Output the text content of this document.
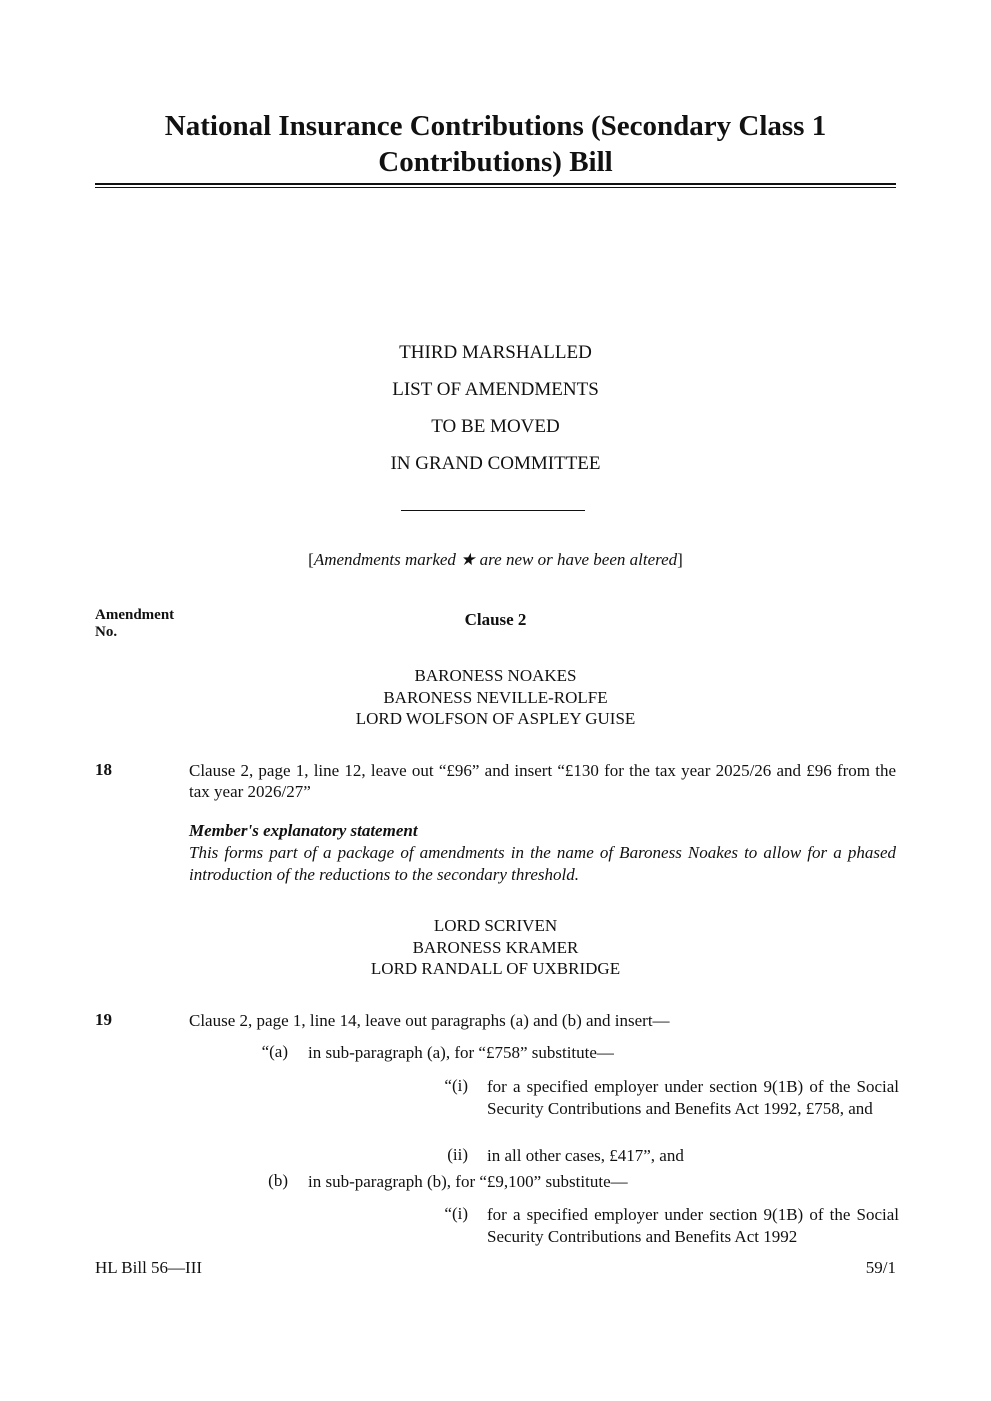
National Insurance Contributions (Secondary Class 1
Contributions) Bill
THIRD MARSHALLED
LIST OF AMENDMENTS
TO BE MOVED
IN GRAND COMMITTEE
[Amendments marked ★ are new or have been altered]
Amendment
No.
Clause 2
BARONESS NOAKES
BARONESS NEVILLE-ROLFE
LORD WOLFSON OF ASPLEY GUISE
18	Clause 2, page 1, line 12, leave out “£96” and insert “£130 for the tax year 2025/26 and £96 from the tax year 2026/27”
Member's explanatory statement
This forms part of a package of amendments in the name of Baroness Noakes to allow for a phased introduction of the reductions to the secondary threshold.
LORD SCRIVEN
BARONESS KRAMER
LORD RANDALL OF UXBRIDGE
19	Clause 2, page 1, line 14, leave out paragraphs (a) and (b) and insert—
“(a) in sub-paragraph (a), for “£758” substitute—
“(i) for a specified employer under section 9(1B) of the Social Security Contributions and Benefits Act 1992, £758, and
(ii) in all other cases, £417”, and
(b) in sub-paragraph (b), for “£9,100” substitute—
“(i) for a specified employer under section 9(1B) of the Social Security Contributions and Benefits Act 1992
HL Bill 56—III	59/1
